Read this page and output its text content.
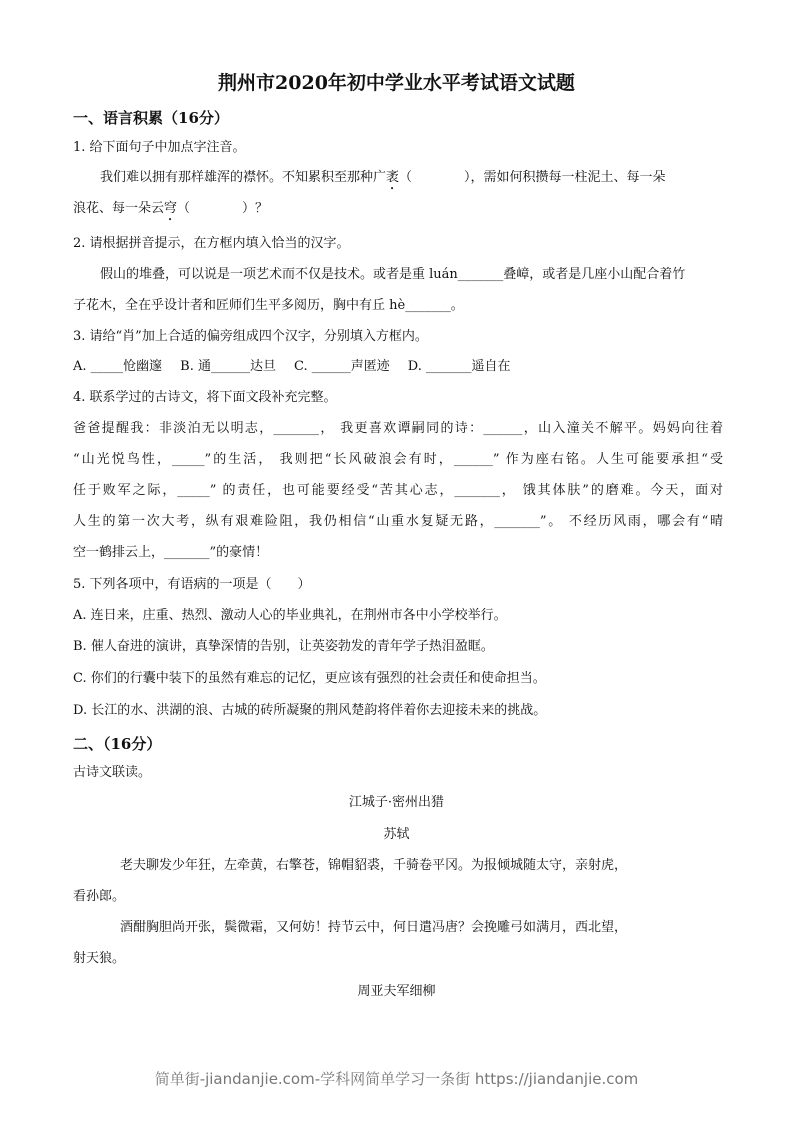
荆州市2020年初中学业水平考试语文试题
一、语言积累（16分）
1. 给下面句子中加点字注音。
我们难以拥有那样雄浑的襟怀。不知累积至那种广袤（　　　　），需如何积攒每一柱泥土、每一朵
浪花、每一朵云穹（　　　　）？
2. 请根据拼音提示，在方框内填入恰当的汉字。
假山的堆叠，可以说是一项艺术而不仅是技术。或者是重 luán_______叠嶂，或者是几座小山配合着竹
子花木，全在乎设计者和匠师们生平多阅历，胸中有丘 hè_______。
3. 请给“肖”加上合适的偏旁组成四个汉字，分别填入方框内。
A. _____怆幽邃 B. 通______达旦 C. ______声匿迹 D. _______遥自在
4. 联系学过的古诗文，将下面文段补充完整。
爸爸提醒我：非淡泊无以明志，_______， 我更喜欢谭嗣同的诗：______，山入潼关不解平。妈妈向往着
“山光悦鸟性，_____”的生活， 我则把“长风破浪会有时，______” 作为座右铭。人生可能要承担“受
任于败军之际，_____” 的责任，也可能要经受“苦其心志，_______， 饿其体肤”的磨难。今天，面对
人生的第一次大考，纵有艰难险阻，我仍相信“山重水复疑无路，_______”。 不经历风雨，哪会有“晴
空一鹤排云上，_______”的豪情！
5. 下列各项中，有语病的一项是（　　）
A. 连日来，庄重、热烈、激动人心的毕业典礼，在荆州市各中小学校举行。
B. 催人奋进的演讲，真挚深情的告别，让英姿勃发的青年学子热泪盈眶。
C. 你们的行囊中装下的虽然有难忘的记忆，更应该有强烈的社会责任和使命担当。
D. 长江的水、洪湖的浪、古城的砖所凝聚的荆风楚韵将伴着你去迎接未来的挑战。
二、（16分）
古诗文联读。
江城子·密州出猎
苏轼
老夫聊发少年狂，左牵黄，右擎苍，锦帽貂裘，千骑卷平冈。为报倾城随太守，亲射虎，
看孙郎。
酒酣胸胆尚开张，鬓微霜，又何妨！持节云中，何日遣冯唐？会挽雕弓如满月，西北望，
射天狼。
周亚夫军细柳
简单街-jiandanjie.com-学科网简单学习一条街 https://jiandanjie.com
